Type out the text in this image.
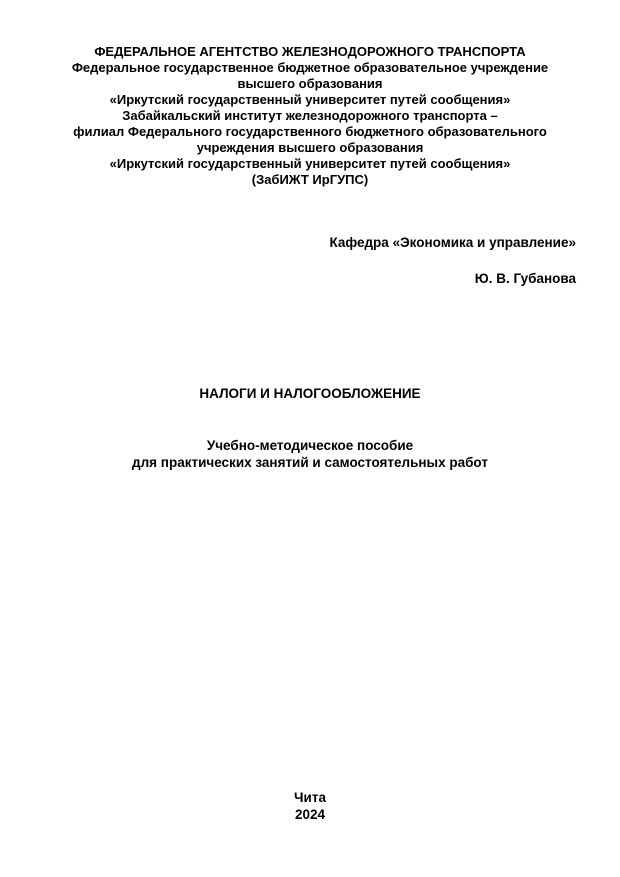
ФЕДЕРАЛЬНОЕ АГЕНТСТВО ЖЕЛЕЗНОДОРОЖНОГО ТРАНСПОРТА
Федеральное государственное бюджетное образовательное учреждение
высшего образования
«Иркутский государственный университет путей сообщения»
Забайкальский институт железнодорожного транспорта –
филиал Федерального государственного бюджетного образовательного
учреждения высшего образования
«Иркутский государственный университет путей сообщения»
(ЗабИЖТ ИрГУПС)
Кафедра «Экономика и управление»
Ю. В. Губанова
НАЛОГИ И НАЛОГООБЛОЖЕНИЕ
Учебно-методическое пособие
для практических занятий и самостоятельных работ
Чита
2024
